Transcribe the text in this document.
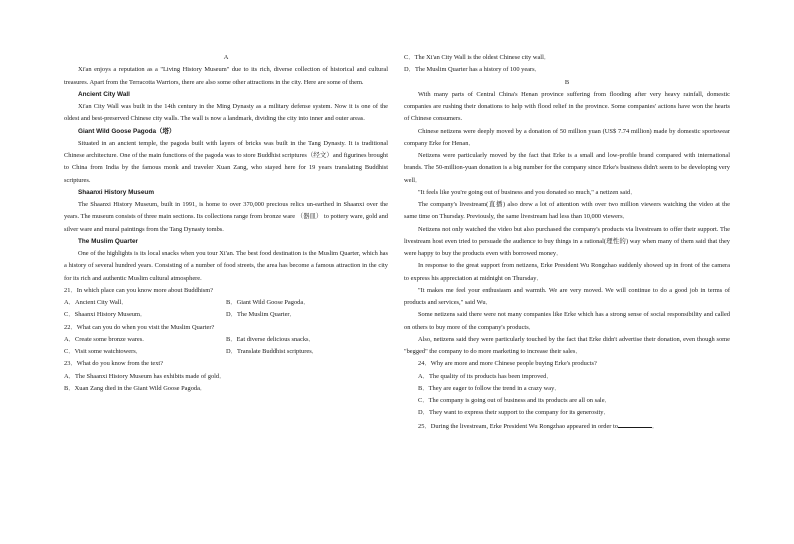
A

Xi'an enjoys a reputation as a "Living History Museum" due to its rich, diverse collection of historical and cultural treasures. Apart from the Terracotta Warriors, there are also some other attractions in the city. Here are some of them.

Ancient City Wall

Xi'an City Wall was built in the 14th century in the Ming Dynasty as a military defense system. Now it is one of the oldest and best-preserved Chinese city walls. The wall is now a landmark, dividing the city into inner and outer areas.

Giant Wild Goose Pagoda（塔）

Situated in an ancient temple, the pagoda built with layers of bricks was built in the Tang Dynasty. It is traditional Chinese architecture. One of the main functions of the pagoda was to store Buddhist scriptures（经文）and figurines brought to China from India by the famous monk and traveler Xuan Zang, who stayed here for 19 years translating Buddhist scriptures.

Shaanxi History Museum

The Shaanxi History Museum, built in 1991, is home to over 370,000 precious relics un-earthed in Shaanxi over the years. The museum consists of three main sections. Its collections range from bronze ware （器皿） to pottery ware, gold and silver ware and mural paintings from the Tang Dynasty tombs.

The Muslim Quarter

One of the highlights is its local snacks when you tour Xi'an. The best food destination is the Muslim Quarter, which has a history of several hundred years. Consisting of a number of food streets, the area has become a famous attraction in the city for its rich and authentic Muslim cultural atmosphere.

21．In which place can you know more about Buddhism?

A．Ancient City Wall．	B．Giant Wild Goose Pagoda．
C．Shaanxi History Museum．	D．The Muslim Quarter．

22．What can you do when you visit the Muslim Quarter?

A．Create some bronze wares.	B．Eat diverse delicious snacks．
C．Visit some watchtowers．	D．Translate Buddhist scriptures．

23．What do you know from the text?

A．The Shaanxi History Museum has exhibits made of gold．

B．Xuan Zang died in the Giant Wild Goose Pagoda．

C．The Xi'an City Wall is the oldest Chinese city wall．

D．The Muslim Quarter has a history of 100 years．

B

With many parts of Central China's Henan province suffering from flooding after very heavy rainfall, domestic companies are rushing their donations to help with flood relief in the province. Some companies' actions have won the hearts of Chinese consumers.

Chinese netizens were deeply moved by a donation of 50 million yuan (US$ 7.74 million) made by domestic sportswear company Erke for Henan．

Netizens were particularly moved by the fact that Erke is a small and low-profile brand compared with international brands. The 50-million-yuan donation is a big number for the company since Erke's business didn't seem to be developing very well．

"It feels like you're going out of business and you donated so much," a netizen said．

The company's livestream(直播) also drew a lot of attention with over two million viewers watching the video at the same time on Thursday. Previously, the same livestream had less than 10,000 viewers．

Netizens not only watched the video but also purchased the company's products via livestream to offer their support. The livestream host even tried to persuade the audience to buy things in a rational(理性的) way when many of them said that they were happy to buy the products even with borrowed money．

In response to the great support from netizens, Erke President Wu Rongzhao suddenly showed up in front of the camera to express his appreciation at midnight on Thursday．

"It makes me feel your enthusiasm and warmth. We are very moved. We will continue to do a good job in terms of products and services," said Wu．

Some netizens said there were not many companies like Erke which has a strong sense of social responsibility and called on others to buy more of the company's products．

Also, netizens said they were particularly touched by the fact that Erke didn't advertise their donation, even though some "begged" the company to do more marketing to increase their sales．

24．Why are more and more Chinese people buying Erke's products?

A．The quality of its products has been improved．

B．They are eager to follow the trend in a crazy way．

C．The company is going out of business and its products are all on sale．

D．They want to express their support to the company for its generosity．

25．During the livestream, Erke President Wu Rongzhao appeared in order to	．
